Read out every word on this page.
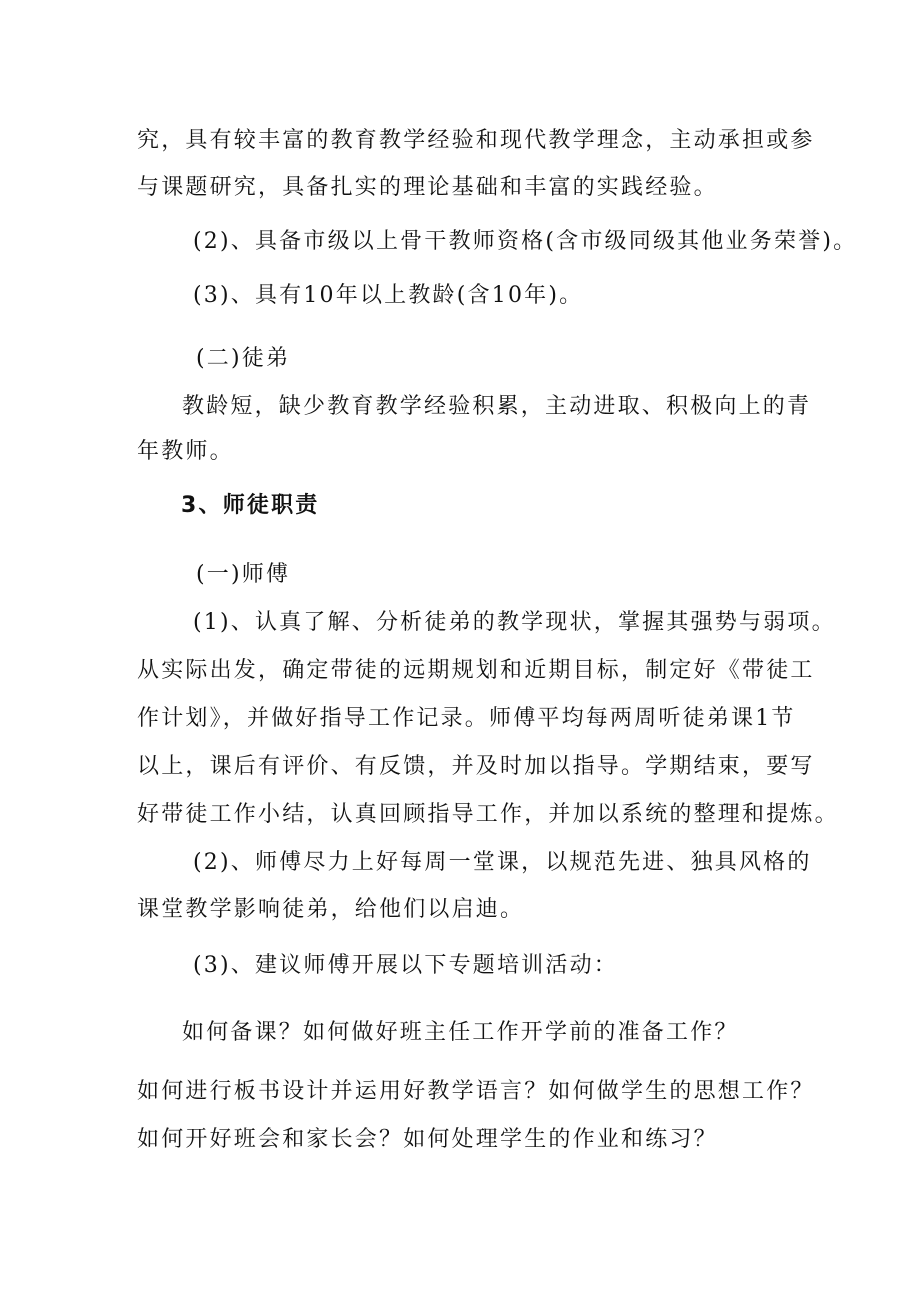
究，具有较丰富的教育教学经验和现代教学理念，主动承担或参
与课题研究，具备扎实的理论基础和丰富的实践经验。
(2)、具备市级以上骨干教师资格(含市级同级其他业务荣誉)。
(3)、具有10年以上教龄(含10年)。
(二)徒弟
教龄短，缺少教育教学经验积累，主动进取、积极向上的青
年教师。
3、师徒职责
(一)师傅
(1)、认真了解、分析徒弟的教学现状，掌握其强势与弱项。
从实际出发，确定带徒的远期规划和近期目标，制定好《带徒工
作计划》，并做好指导工作记录。师傅平均每两周听徒弟课1节
以上，课后有评价、有反馈，并及时加以指导。学期结束，要写
好带徒工作小结，认真回顾指导工作，并加以系统的整理和提炼。
(2)、师傅尽力上好每周一堂课，以规范先进、独具风格的
课堂教学影响徒弟，给他们以启迪。
(3)、建议师傅开展以下专题培训活动：
如何备课？如何做好班主任工作开学前的准备工作？
如何进行板书设计并运用好教学语言？如何做学生的思想工作？
如何开好班会和家长会？如何处理学生的作业和练习？
